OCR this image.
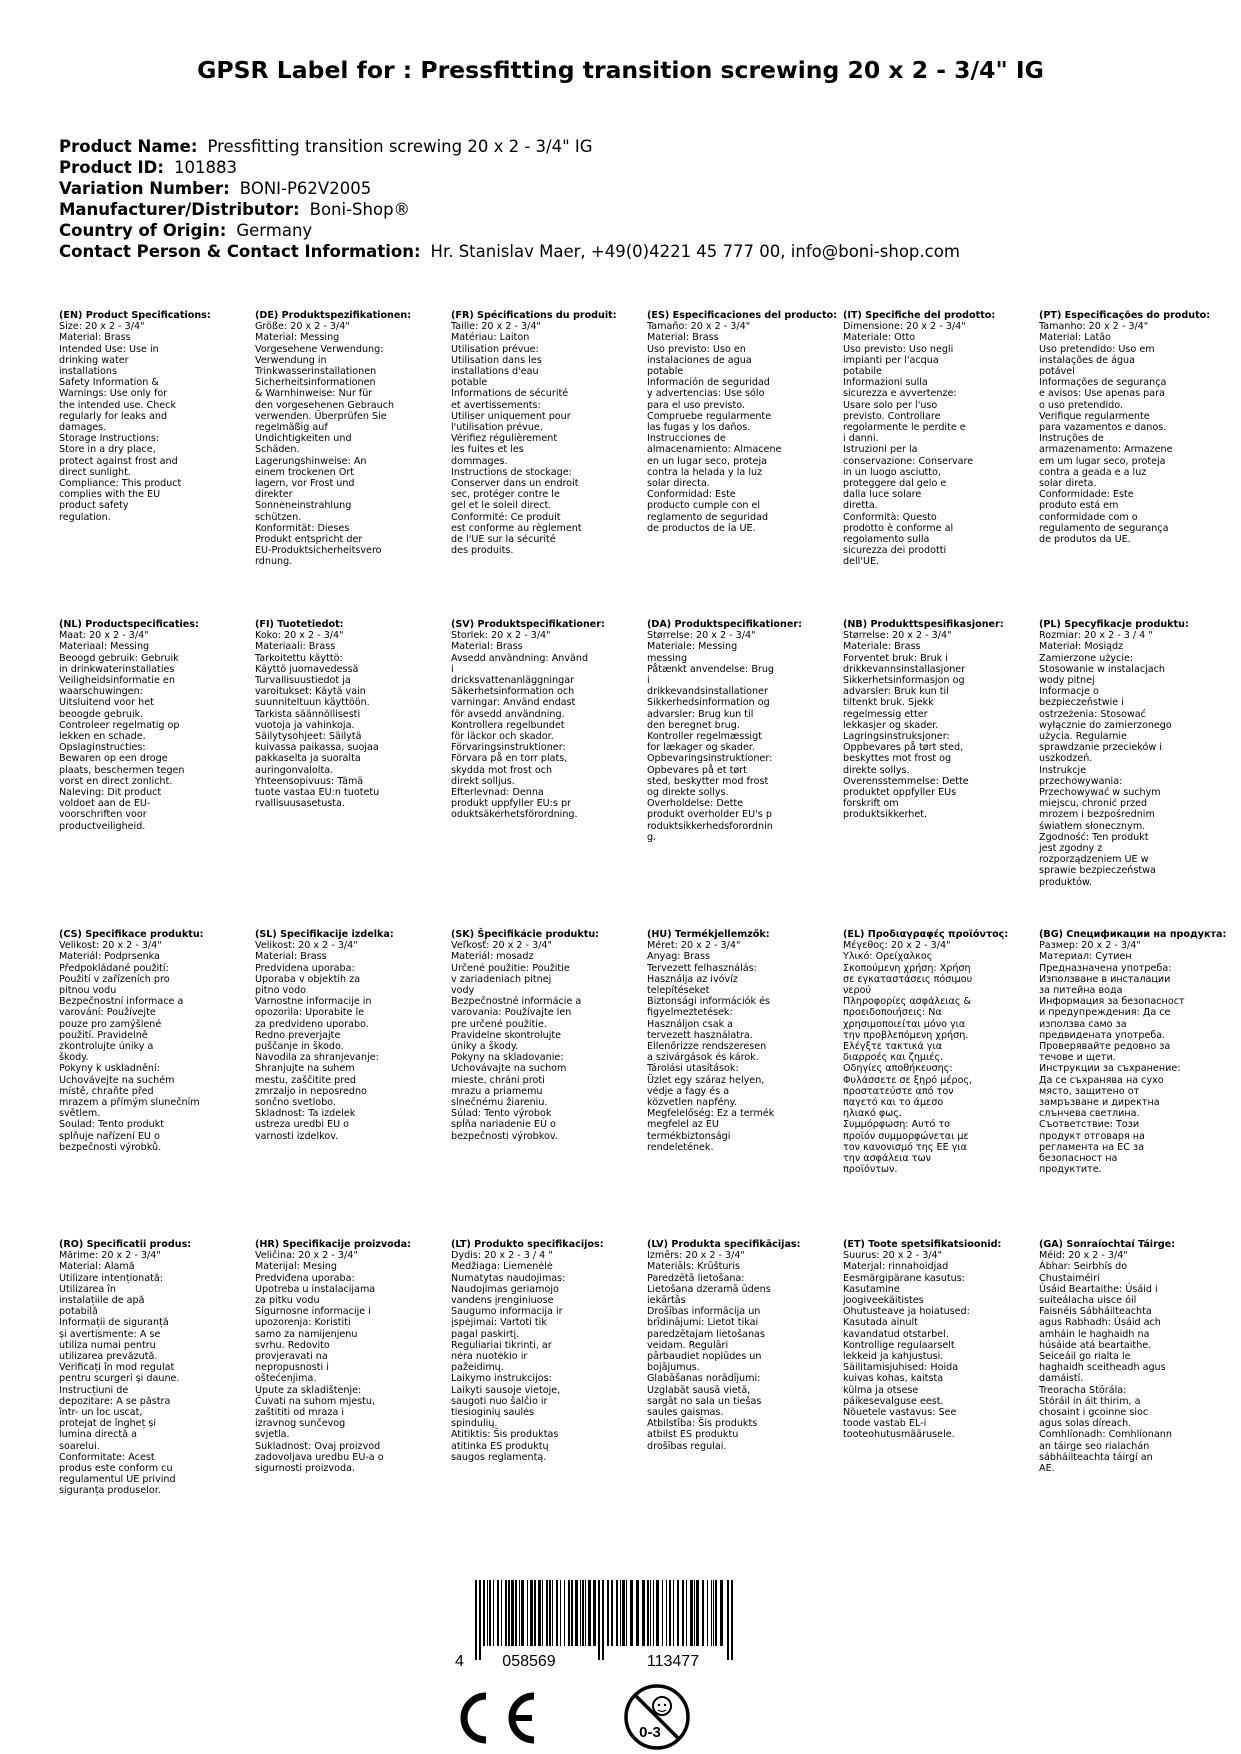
GPSR Label for : Pressfitting transition screwing 20 x 2 - 3/4" IG
Product Name: Pressfitting transition screwing 20 x 2 - 3/4" IG
Product ID: 101883
Variation Number: BONI-P62V2005
Manufacturer/Distributor: Boni-Shop®
Country of Origin: Germany
Contact Person & Contact Information: Hr. Stanislav Maer, +49(0)4221 45 777 00, info@boni-shop.com
(EN) Product Specifications:
Size: 20 x 2 - 3/4"
Material: Brass
Intended Use: Use in
drinking water
installations
Safety Information &
Warnings: Use only for
the intended use. Check
regularly for leaks and
damages.
Storage Instructions:
Store in a dry place,
protect against frost and
direct sunlight.
Compliance: This product
complies with the EU
product safety
regulation.
(DE) Produktspezifikationen:
Größe: 20 x 2 - 3/4"
Material: Messing
Vorgesehene Verwendung:
Verwendung in
Trinkwasserinstallationen
Sicherheitsinformationen
& Warnhinweise: Nur für
den vorgesehenen Gebrauch
verwenden. Überprüfen Sie
regelmäßig auf
Undichtigkeiten und
Schäden.
Lagerungshinweise: An
einem trockenen Ort
lagern, vor Frost und
direkter
Sonneneinstrahlung
schützen.
Konformität: Dieses
Produkt entspricht der
EU-Produktsicherheitsvero
rdnung.
(FR) Spécifications du produit:
Taille: 20 x 2 - 3/4"
Matériau: Laiton
Utilisation prévue:
Utilisation dans les
installations d'eau
potable
Informations de sécurité
et avertissements:
Utiliser uniquement pour
l'utilisation prévue.
Vérifiez régulièrement
les fuites et les
dommages.
Instructions de stockage:
Conserver dans un endroit
sec, protéger contre le
gel et le soleil direct.
Conformité: Ce produit
est conforme au règlement
de l'UE sur la sécurité
des produits.
(ES) Especificaciones del producto:
Tamaño: 20 x 2 - 3/4"
Material: Brass
Uso previsto: Uso en
instalaciones de agua
potable
Información de seguridad
y advertencias: Use sólo
para el uso previsto.
Compruebe regularmente
las fugas y los daños.
Instrucciones de
almacenamiento: Almacene
en un lugar seco, proteja
contra la helada y la luz
solar directa.
Conformidad: Este
producto cumple con el
reglamento de seguridad
de productos de la UE.
(IT) Specifiche del prodotto:
Dimensione: 20 x 2 - 3/4"
Materiale: Otto
Uso previsto: Uso negli
impianti per l'acqua
potabile
Informazioni sulla
sicurezza e avvertenze:
Usare solo per l'uso
previsto. Controllare
regolarmente le perdite e
i danni.
Istruzioni per la
conservazione: Conservare
in un luogo asciutto,
proteggere dal gelo e
dalla luce solare
diretta.
Conformità: Questo
prodotto è conforme al
regolamento sulla
sicurezza dei prodotti
dell'UE.
(PT) Especificações do produto:
Tamanho: 20 x 2 - 3/4"
Material: Latão
Uso pretendido: Uso em
instalações de água
potável
Informações de segurança
e avisos: Use apenas para
o uso pretendido.
Verifique regularmente
para vazamentos e danos.
Instruções de
armazenamento: Armazene
em um lugar seco, proteja
contra a geada e a luz
solar direta.
Conformidade: Este
produto está em
conformidade com o
regulamento de segurança
de produtos da UE.
(NL) Productspecificaties:
Maat: 20 x 2 - 3/4"
Materiaal: Messing
Beoogd gebruik: Gebruik
in drinkwaterinstallaties
Veiligheidsinformatie en
waarschuwingen:
Uitsluitend voor het
beoogde gebruik.
Controleer regelmatig op
lekken en schade.
Opslaginstructies:
Bewaren op een droge
plaats, beschermen tegen
vorst en direct zonlicht.
Naleving: Dit product
voldoet aan de EU-
voorschriften voor
productveiligheid.
(FI) Tuotetiedot:
Koko: 20 x 2 - 3/4"
Materiaali: Brass
Tarkoitettu käyttö:
Käyttö juomavedessä
Turvallisuustiedot ja
varoitukset: Käytä vain
suunniteltuun käyttöön.
Tarkista säännöllisesti
vuotoja ja vahinkoja.
Säilytysohjeet: Säilytä
kuivassa paikassa, suojaa
pakkaselta ja suoralta
auringonvalolta.
Yhteensopivuus: Tämä
tuote vastaa EU:n tuotetu
rvallisuusasetusta.
(SV) Produktspecifikationer:
Storlek: 20 x 2 - 3/4"
Material: Brass
Avsedd användning: Använd
i
dricksvattenanläggningar
Säkerhetsinformation och
varningar: Använd endast
för avsedd användning.
Kontrollera regelbundet
för läckor och skador.
Förvaringsinstruktioner:
Förvara på en torr plats,
skydda mot frost och
direkt solljus.
Efterlevnad: Denna
produkt uppfyller EU:s pr
oduktsäkerhetsförordning.
(DA) Produktspecifikationer:
Størrelse: 20 x 2 - 3/4"
Materiale: Messing
messing
Påtænkt anvendelse: Brug
i
drikkevandsinstallationer
Sikkerhedsinformation og
advarsler: Brug kun til
den beregnet brug.
Kontroller regelmæssigt
for lækager og skader.
Opbevaringsinstruktioner:
Opbevares på et tørt
sted, beskytter mod frost
og direkte sollys.
Overholdelse: Dette
produkt overholder EU's p
roduktsikkerhedsforordnin
g.
(NB) Produkttspesifikasjoner:
Størrelse: 20 x 2 - 3/4"
Materiale: Brass
Forventet bruk: Bruk i
drikkevannsinstallasjoner
Sikkerhetsinformasjon og
advarsler: Bruk kun til
tiltenkt bruk. Sjekk
regelmessig etter
lekkasjer og skader.
Lagringsinstruksjoner:
Oppbevares på tørt sted,
beskyttes mot frost og
direkte sollys.
Overensstemmelse: Dette
produktet oppfyller EUs
forskrift om
produktsikkerhet.
(PL) Specyfikacje produktu:
Rozmiar: 20 x 2 - 3 / 4 "
Materiał: Mosiądz
Zamierzone użycie:
Stosowanie w instalacjach
wody pitnej
Informacje o
bezpieczeństwie i
ostrzeżenia: Stosować
wyłącznie do zamierzonego
użycia. Regularnie
sprawdzanie przecieków i
uszkodzeń.
Instrukcje
przechowywania:
Przechowywać w suchym
miejscu, chronić przed
mrozem i bezpośrednim
światłem słonecznym.
Zgodność: Ten produkt
jest zgodny z
rozporządzeniem UE w
sprawie bezpieczeństwa
produktów.
(CS) Specifikace produktu:
Velikost: 20 x 2 - 3/4"
Materiál: Podprsenka
Předpokládané použití:
Použití v zařízeních pro
pitnou vodu
Bezpečnostní informace a
varování: Používejte
pouze pro zamýšlené
použití. Pravidelně
zkontrolujte úniky a
škody.
Pokyny k uskladnění:
Uchovávejte na suchém
místě, chraňte před
mrazem a přímým slunečním
světlem.
Soulad: Tento produkt
splňuje nařízení EU o
bezpečnosti výrobků.
(SL) Specifikacije izdelka:
Velikost: 20 x 2 - 3/4"
Material: Brass
Predvidena uporaba:
Uporaba v objektih za
pitno vodo
Varnostne informacije in
opozorila: Uporabite le
za predvideno uporabo.
Redno preverjajte
puščanje in škodo.
Navodila za shranjevanje:
Shranjujte na suhem
mestu, zaščitite pred
zmrzaljo in neposredno
sončno svetlobo.
Skladnost: Ta izdelek
ustreza uredbi EU o
varnosti izdelkov.
(SK) Špecifikácie produktu:
Veľkosť: 20 x 2 - 3/4"
Materiál: mosadz
Určené použitie: Použitie
v zariadeniach pitnej
vody
Bezpečnostné informácie a
varovania: Používajte len
pre určené použitie.
Pravidelne skontrolujte
úniky a škody.
Pokyny na skladovanie:
Uchovávajte na suchom
mieste, chráni proti
mrazu a priamemu
slnečnému žiareniu.
Súlad: Tento výrobok
spĺňa nariadenie EÚ o
bezpečnosti výrobkov.
(HU) Termékjellemzők:
Méret: 20 x 2 - 3/4"
Anyag: Brass
Tervezett felhasználás:
Használja az ivóvíz
telepítéseket
Biztonsági információk és
figyelmeztetések:
Használjon csak a
tervezett használatra.
Ellenőrizze rendszeresen
a szivárgások és károk.
Tárolási utasítások:
Üzlet egy száraz helyen,
védje a fagy és a
közvetlen napfény.
Megfelelőség: Ez a termék
megfelel az EU
termékbiztonsági
rendeletének.
(EL) Προδιαγραφές προϊόντος:
Μέγεθος: 20 x 2 - 3/4"
Υλικό: Ορείχαλκος
Σκοπούμενη χρήση: Χρήση
σε εγκαταστάσεις πόσιμου
νερού
Πληροφορίες ασφάλειας &
προειδοποιήσεις: Να
χρησιμοποιείται μόνο για
την προβλεπόμενη χρήση.
Ελέγξτε τακτικά για
διαρροές και ζημιές.
Οδηγίες αποθήκευσης:
Φυλάσσετε σε ξηρό μέρος,
προστατεύστε από τον
παγετό και το άμεσο
ηλιακό φως.
Συμμόρφωση: Αυτό το
προϊόν συμμορφώνεται με
τον κανονισμό της ΕΕ για
την ασφάλεια των
προϊόντων.
(BG) Спецификации на продукта:
Размер: 20 x 2 - 3/4"
Материал: Сутиен
Предназначена употреба:
Използване в инсталации
за питейна вода
Информация за безопасност
и предупреждения: Да се
използва само за
предвидената употреба.
Проверявайте редовно за
течове и щети.
Инструкции за съхранение:
Да се съхранява на сухо
място, защитено от
замръзване и директна
слънчева светлина.
Съответствие: Този
продукт отговаря на
регламента на ЕС за
безопасност на
продуктите.
(RO) Specificatii produs:
Mărime: 20 x 2 - 3/4"
Material: Alamă
Utilizare intenționată:
Utilizarea în
instalațiile de apă
potabilă
Informații de siguranță
și avertismente: A se
utiliza numai pentru
utilizarea prevăzută.
Verificați în mod regulat
pentru scurgeri și daune.
Instrucțiuni de
depozitare: A se păstra
într- un loc uscat,
protejat de îngheț și
lumina directă a
soarelui.
Conformitate: Acest
produs este conform cu
regulamentul UE privind
siguranța produselor.
(HR) Specifikacije proizvoda:
Veličina: 20 x 2 - 3/4"
Materijal: Mesing
Predviđena uporaba:
Upotreba u instalacijama
za pitku vodu
Sigurnosne informacije i
upozorenja: Koristiti
samo za namijenjenu
svrhu. Redovito
provjeravati na
nepropusnosti i
oštećenjima.
Upute za skladištenje:
Čuvati na suhom mjestu,
zaštititi od mraza i
izravnog sunčevog
svjetla.
Sukladnost: Ovaj proizvod
zadovoljava uredbu EU-a o
sigurnosti proizvoda.
(LT) Produkto specifikacijos:
Dydis: 20 x 2 - 3 / 4 "
Medžiaga: Liemenėlė
Numatytas naudojimas:
Naudojimas geriamojo
vandens įrenginiuose
Saugumo informacija ir
įspėjimai: Vartoti tik
pagal paskirtį.
Reguliariai tikrinti, ar
nėra nuotėkio ir
pažeidimų.
Laikymo instrukcijos:
Laikyti sausoje vietoje,
saugoti nuo šalčio ir
tiesioginių saulės
spindulių.
Atitiktis: Šis produktas
atitinka ES produktų
saugos reglamentą.
(LV) Produkta specifikācijas:
Izmērs: 20 x 2 - 3/4"
Materiāls: Krūšturis
Paredzētā lietošana:
Lietošana dzeramā ūdens
iekārtās
Drošības informācija un
brīdinājumi: Lietot tikai
paredzētajam lietošanas
veidam. Regulāri
pārbaudiet noplūdes un
bojājumus.
Glabāšanas norādījumi:
Uzglabāt sausā vietā,
sargāt no sala un tiešas
saules gaismas.
Atbilstība: Šis produkts
atbilst ES produktu
drošības regulai.
(ET) Toote spetsifikatsioonid:
Suurus: 20 x 2 - 3/4"
Materjal: rinnahoidjad
Eesmärgipärane kasutus:
Kasutamine
joogiveekäitistes
Ohutusteave ja hoiatused:
Kasutada ainult
kavandatud otstarbel.
Kontrollige regulaarselt
lekkeid ja kahjustusi.
Säilitamisjuhised: Hoida
kuivas kohas, kaitsta
külma ja otsese
päikesevalguse eest.
Nõuetele vastavus: See
toode vastab EL-i
tooteohutusmäärusele.
(GA) Sonraíochtaí Táirge:
Méid: 20 x 2 - 3/4"
Ábhar: Seirbhís do
Chustaiméirí
Úsáid Beartaithe: Úsáid i
suiteálacha uisce óil
Faisnéis Sábháilteachta
agus Rabhadh: Úsáid ach
amháin le haghaidh na
húsáide atá beartaithe.
Seiceáil go rialta le
haghaidh sceitheadh agus
damáistí.
Treoracha Stórála:
Stóráil in áit thirim, a
chosaint i gcoinne sioc
agus solas díreach.
Comhlíonadh: Comhlíonann
an táirge seo rialachán
sábháilteachta táirgí an
AE.
4 058569	113477
0-3
